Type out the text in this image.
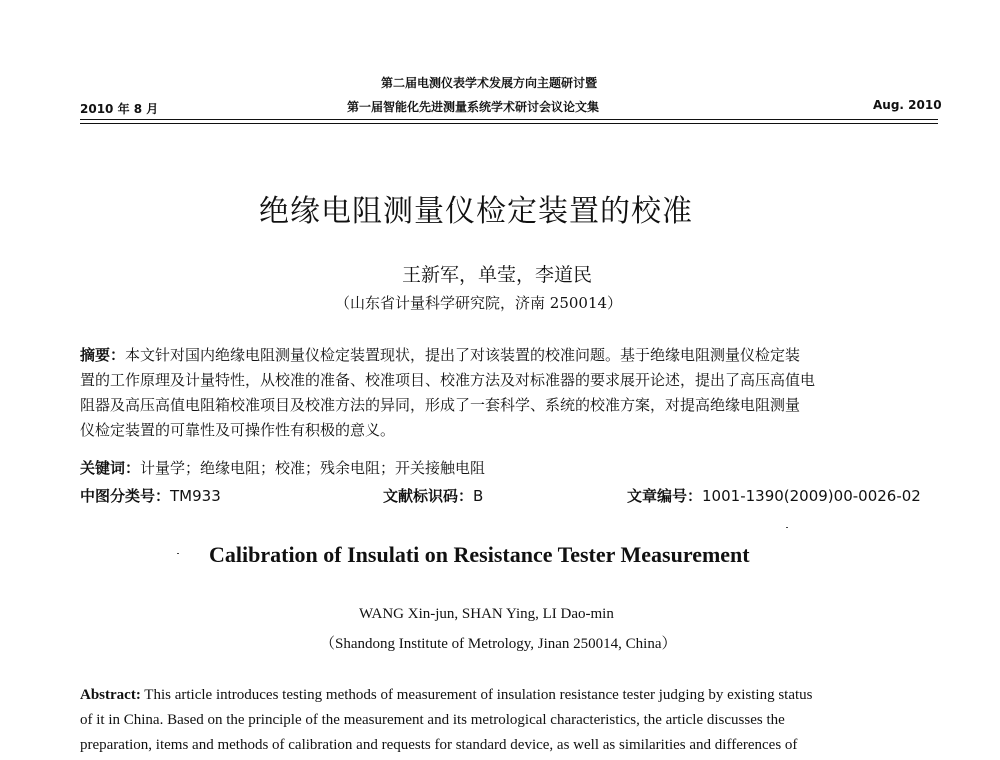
第二届电测仪表学术发展方向主题研讨暨
第一届智能化先进测量系统学术研讨会议论文集
2010 年 8 月	Aug. 2010
绝缘电阻测量仪检定装置的校准
王新军，单莹，李道民
（山东省计量科学研究院，济南 250014）
摘要：本文针对国内绝缘电阻测量仪检定装置现状，提出了对该装置的校准问题。基于绝缘电阻测量仪检定装
置的工作原理及计量特性，从校准的准备、校准项目、校准方法及对标准器的要求展开论述，提出了高压高值电
阻器及高压高值电阻箱校准项目及校准方法的异同，形成了一套科学、系统的校准方案，对提高绝缘电阻测量
仪检定装置的可靠性及可操作性有积极的意义。
关键词：计量学；绝缘电阻；校准；残余电阻；开关接触电阻
中图分类号：TM933	文献标识码：B	文章编号：1001-1390(2009)00-0026-02
Calibration of Insulati on Resistance Tester Measurement
WANG Xin-jun, SHAN Ying, LI Dao-min
（Shandong Institute of Metrology, Jinan 250014, China）
Abstract: This article introduces testing methods of measurement of insulation resistance tester judging by existing status
of it in China. Based on the principle of the measurement and its metrological characteristics, the article discusses the
preparation, items and methods of calibration and requests for standard device, as well as similarities and differences of
